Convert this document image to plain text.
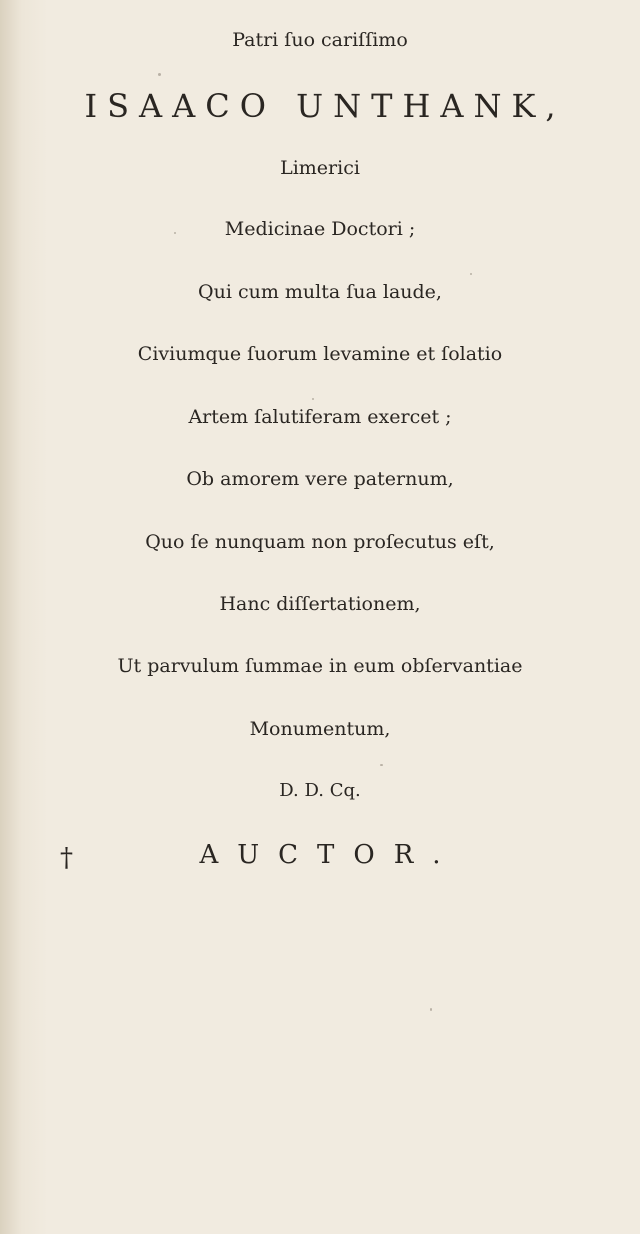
Patri ſuo cariſſimo
ISAACO UNTHANK,
Limerici
Medicinae Doctori ;
Qui cum multa ſua laude,
Civiumque ſuorum levamine et ſolatio
Artem ſalutiferam exercet ;
Ob amorem vere paternum,
Quo ſe nunquam non proſecutus eſt,
Hanc diſſertationem,
Ut parvulum ſummae in eum obſervantiae
Monumentum,
D. D. Cq.
†	AUCTOR.
